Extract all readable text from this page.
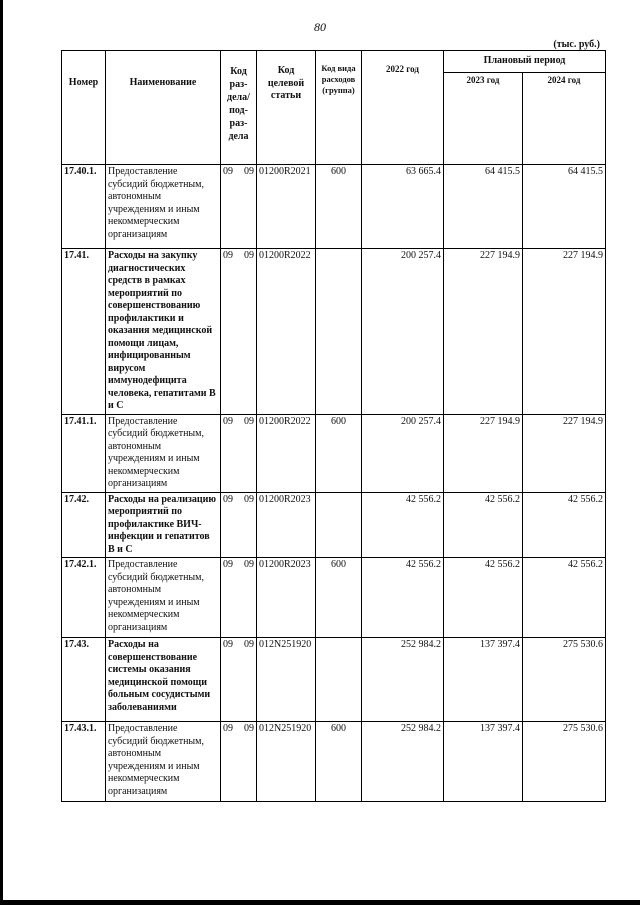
80
(тыс. руб.)
Номер	Наименование	Код раз-дела/ под-раз-дела	Код целевой статьи	Код вида расходов (группа)	2022 год	Плановый период	
						2023 год	2024 год
17.40.1.	Предоставление субсидий бюджетным, автономным учреждениям и иным некоммерческим организациям	09 09	01200R2021	600	63 665.4	64 415.5	64 415.5
17.41.	Расходы на закупку диагностических средств в рамках мероприятий по совершенствованию профилактики и оказания медицинской помощи лицам, инфицированным вирусом иммунодефицита человека, гепатитами В и С	09 09	01200R2022		200 257.4	227 194.9	227 194.9
17.41.1.	Предоставление субсидий бюджетным, автономным учреждениям и иным некоммерческим организациям	09 09	01200R2022	600	200 257.4	227 194.9	227 194.9
17.42.	Расходы на реализацию мероприятий по профилактике ВИЧ-инфекции и гепатитов В и С	09 09	01200R2023		42 556.2	42 556.2	42 556.2
17.42.1.	Предоставление субсидий бюджетным, автономным учреждениям и иным некоммерческим организациям	09 09	01200R2023	600	42 556.2	42 556.2	42 556.2
17.43.	Расходы на совершенствование системы оказания медицинской помощи больным сосудистыми заболеваниями	09 09	012N251920		252 984.2	137 397.4	275 530.6
17.43.1.	Предоставление субсидий бюджетным, автономным учреждениям и иным некоммерческим организациям	09 09	012N251920	600	252 984.2	137 397.4	275 530.6
